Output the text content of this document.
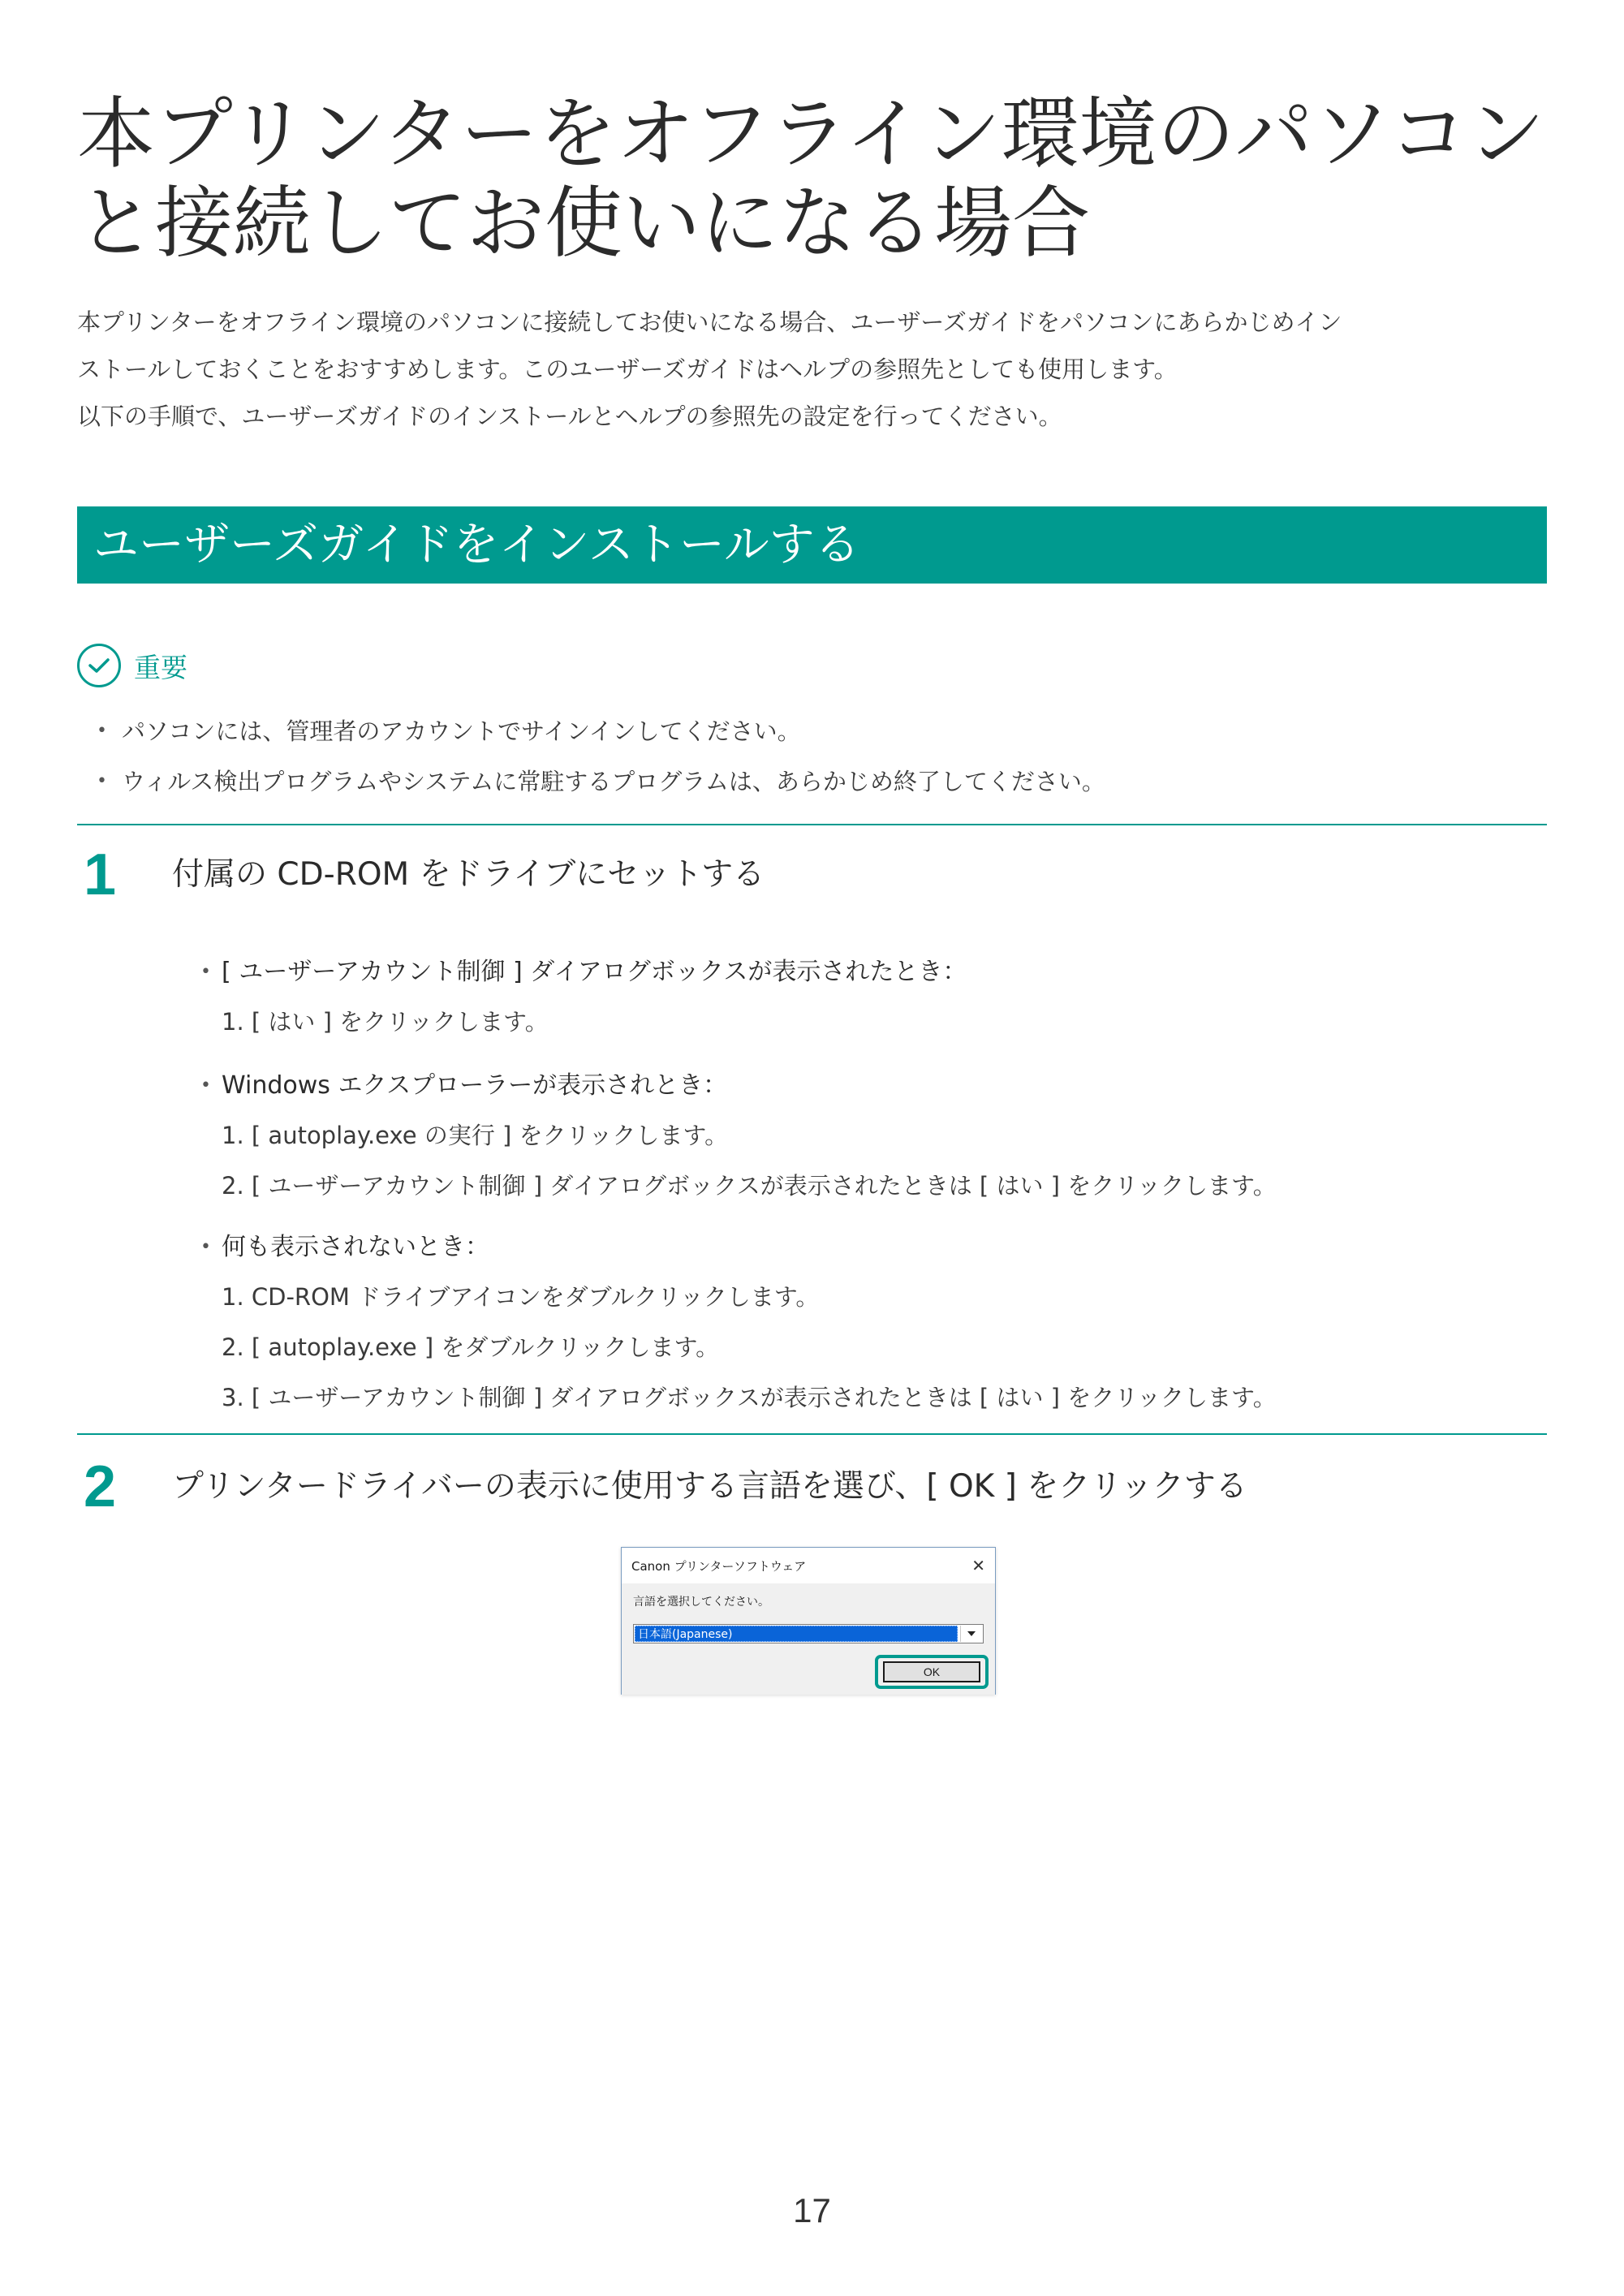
本プリンターをオフライン環境のパソコン
と接続してお使いになる場合

本プリンターをオフライン環境のパソコンに接続してお使いになる場合、ユーザーズガイドをパソコンにあらかじめイン
ストールしておくことをおすすめします。このユーザーズガイドはヘルプの参照先としても使用します。
以下の手順で、ユーザーズガイドのインストールとヘルプの参照先の設定を行ってください。

ユーザーズガイドをインストールする
重要
• パソコンには、管理者のアカウントでサインインしてください。
• ウィルス検出プログラムやシステムに常駐するプログラムは、あらかじめ終了してください。
1 付属の CD-ROM をドライブにセットする
• [ ユーザーアカウント制御 ] ダイアログボックスが表示されたとき：
1. [ はい ] をクリックします。
• Windows エクスプローラーが表示されとき：
1. [ autoplay.exe の実行 ] をクリックします。
2. [ ユーザーアカウント制御 ] ダイアログボックスが表示されたときは [ はい ] をクリックします。
• 何も表示されないとき：
1. CD-ROM ドライブアイコンをダブルクリックします。
2. [ autoplay.exe ] をダブルクリックします。
3. [ ユーザーアカウント制御 ] ダイアログボックスが表示されたときは [ はい ] をクリックします。
2 プリンタードライバーの表示に使用する言語を選び、[ OK ] をクリックする
Canon プリンターソフトウェア	✕
言語を選択してください。
日本語(Japanese)
OK
17
